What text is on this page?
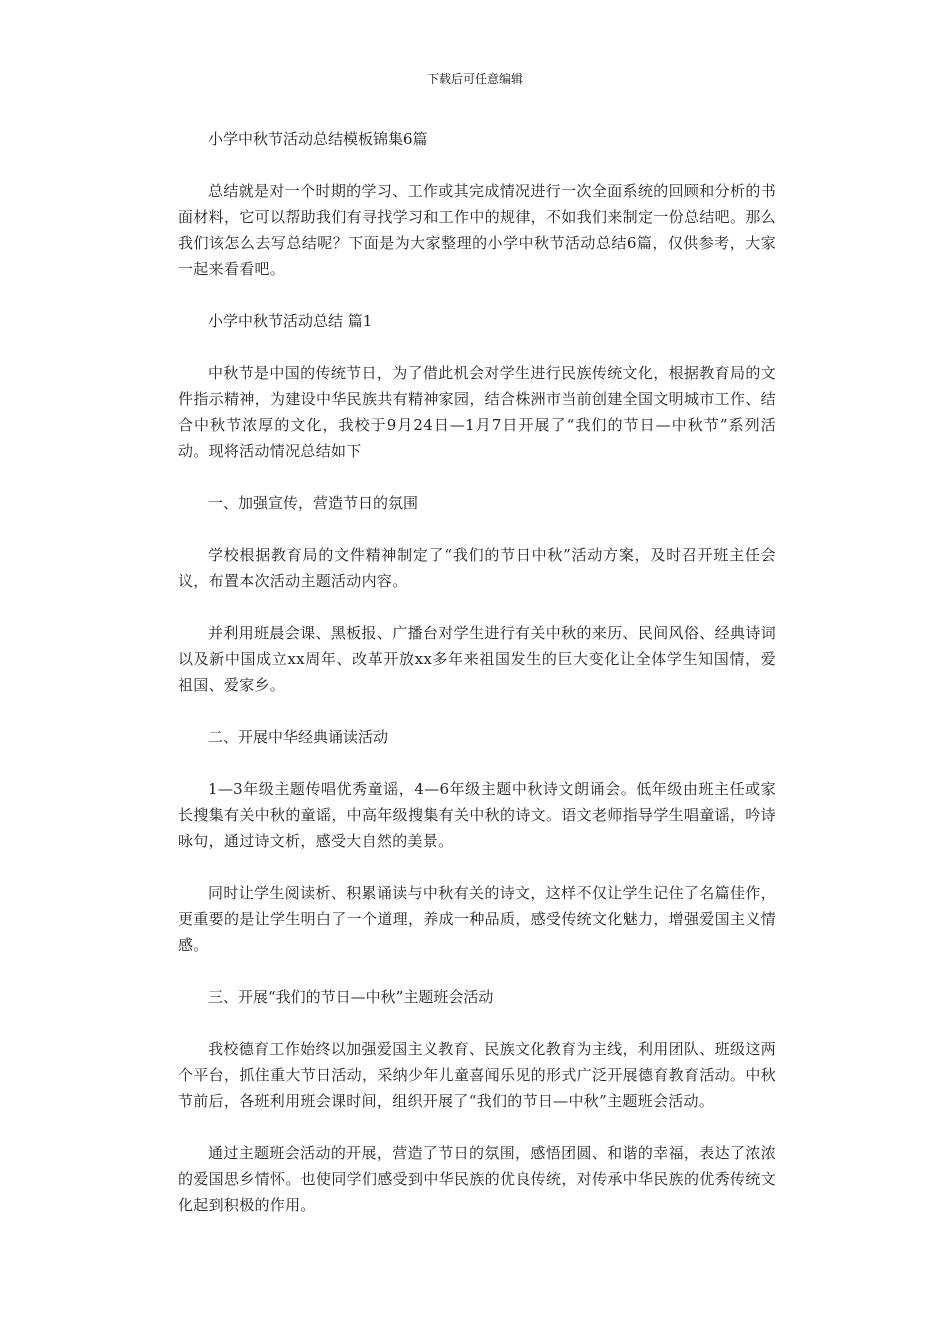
下载后可任意编辑

小学中秋节活动总结模板锦集6篇

总结就是对一个时期的学习、工作或其完成情况进行一次全面系统的回顾和分析的书面材料，它可以帮助我们有寻找学习和工作中的规律，不如我们来制定一份总结吧。那么我们该怎么去写总结呢？下面是为大家整理的小学中秋节活动总结6篇，仅供参考，大家一起来看看吧。

小学中秋节活动总结 篇1

中秋节是中国的传统节日，为了借此机会对学生进行民族传统文化，根据教育局的文件指示精神，为建设中华民族共有精神家园，结合株洲市当前创建全国文明城市工作、结合中秋节浓厚的文化，我校于9月24日—1月7日开展了“我们的节日—中秋节”系列活动。现将活动情况总结如下

一、加强宣传，营造节日的氛围

学校根据教育局的文件精神制定了“我们的节日中秋”活动方案，及时召开班主任会议，布置本次活动主题活动内容。

并利用班晨会课、黑板报、广播台对学生进行有关中秋的来历、民间风俗、经典诗词以及新中国成立xx周年、改革开放xx多年来祖国发生的巨大变化让全体学生知国情，爱祖国、爱家乡。

二、开展中华经典诵读活动

1—3年级主题传唱优秀童谣，4—6年级主题中秋诗文朗诵会。低年级由班主任或家长搜集有关中秋的童谣，中高年级搜集有关中秋的诗文。语文老师指导学生唱童谣，吟诗咏句，通过诗文析，感受大自然的美景。

同时让学生阅读析、积累诵读与中秋有关的诗文，这样不仅让学生记住了名篇佳作，更重要的是让学生明白了一个道理，养成一种品质，感受传统文化魅力，增强爱国主义情感。

三、开展“我们的节日—中秋”主题班会活动

我校德育工作始终以加强爱国主义教育、民族文化教育为主线，利用团队、班级这两个平台，抓住重大节日活动，采纳少年儿童喜闻乐见的形式广泛开展德育教育活动。中秋节前后，各班利用班会课时间，组织开展了“我们的节日—中秋”主题班会活动。

通过主题班会活动的开展，营造了节日的氛围，感悟团圆、和谐的幸福，表达了浓浓的爱国思乡情怀。也使同学们感受到中华民族的优良传统，对传承中华民族的优秀传统文化起到积极的作用。
